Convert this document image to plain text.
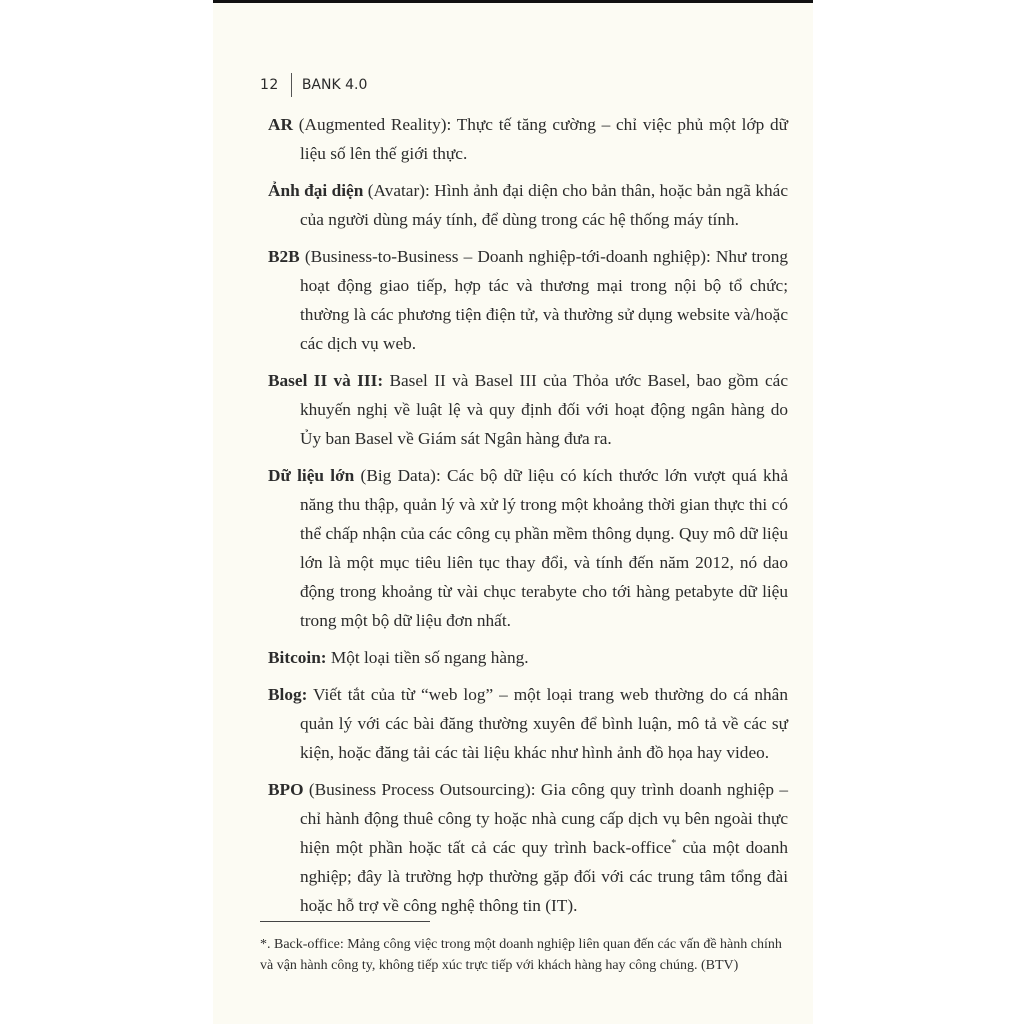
12 BANK 4.0

AR (Augmented Reality): Thực tế tăng cường – chỉ việc phủ một lớp dữ liệu số lên thế giới thực.

Ảnh đại diện (Avatar): Hình ảnh đại diện cho bản thân, hoặc bản ngã khác của người dùng máy tính, để dùng trong các hệ thống máy tính.

B2B (Business-to-Business – Doanh nghiệp-tới-doanh nghiệp): Như trong hoạt động giao tiếp, hợp tác và thương mại trong nội bộ tổ chức; thường là các phương tiện điện tử, và thường sử dụng website và/hoặc các dịch vụ web.

Basel II và III: Basel II và Basel III của Thỏa ước Basel, bao gồm các khuyến nghị về luật lệ và quy định đối với hoạt động ngân hàng do Ủy ban Basel về Giám sát Ngân hàng đưa ra.

Dữ liệu lớn (Big Data): Các bộ dữ liệu có kích thước lớn vượt quá khả năng thu thập, quản lý và xử lý trong một khoảng thời gian thực thi có thể chấp nhận của các công cụ phần mềm thông dụng. Quy mô dữ liệu lớn là một mục tiêu liên tục thay đổi, và tính đến năm 2012, nó dao động trong khoảng từ vài chục terabyte cho tới hàng petabyte dữ liệu trong một bộ dữ liệu đơn nhất.

Bitcoin: Một loại tiền số ngang hàng.

Blog: Viết tắt của từ “web log” – một loại trang web thường do cá nhân quản lý với các bài đăng thường xuyên để bình luận, mô tả về các sự kiện, hoặc đăng tải các tài liệu khác như hình ảnh đồ họa hay video.

BPO (Business Process Outsourcing): Gia công quy trình doanh nghiệp – chỉ hành động thuê công ty hoặc nhà cung cấp dịch vụ bên ngoài thực hiện một phần hoặc tất cả các quy trình back-office* của một doanh nghiệp; đây là trường hợp thường gặp đối với các trung tâm tổng đài hoặc hỗ trợ về công nghệ thông tin (IT).

*. Back-office: Mảng công việc trong một doanh nghiệp liên quan đến các vấn đề hành chính và vận hành công ty, không tiếp xúc trực tiếp với khách hàng hay công chúng. (BTV)
